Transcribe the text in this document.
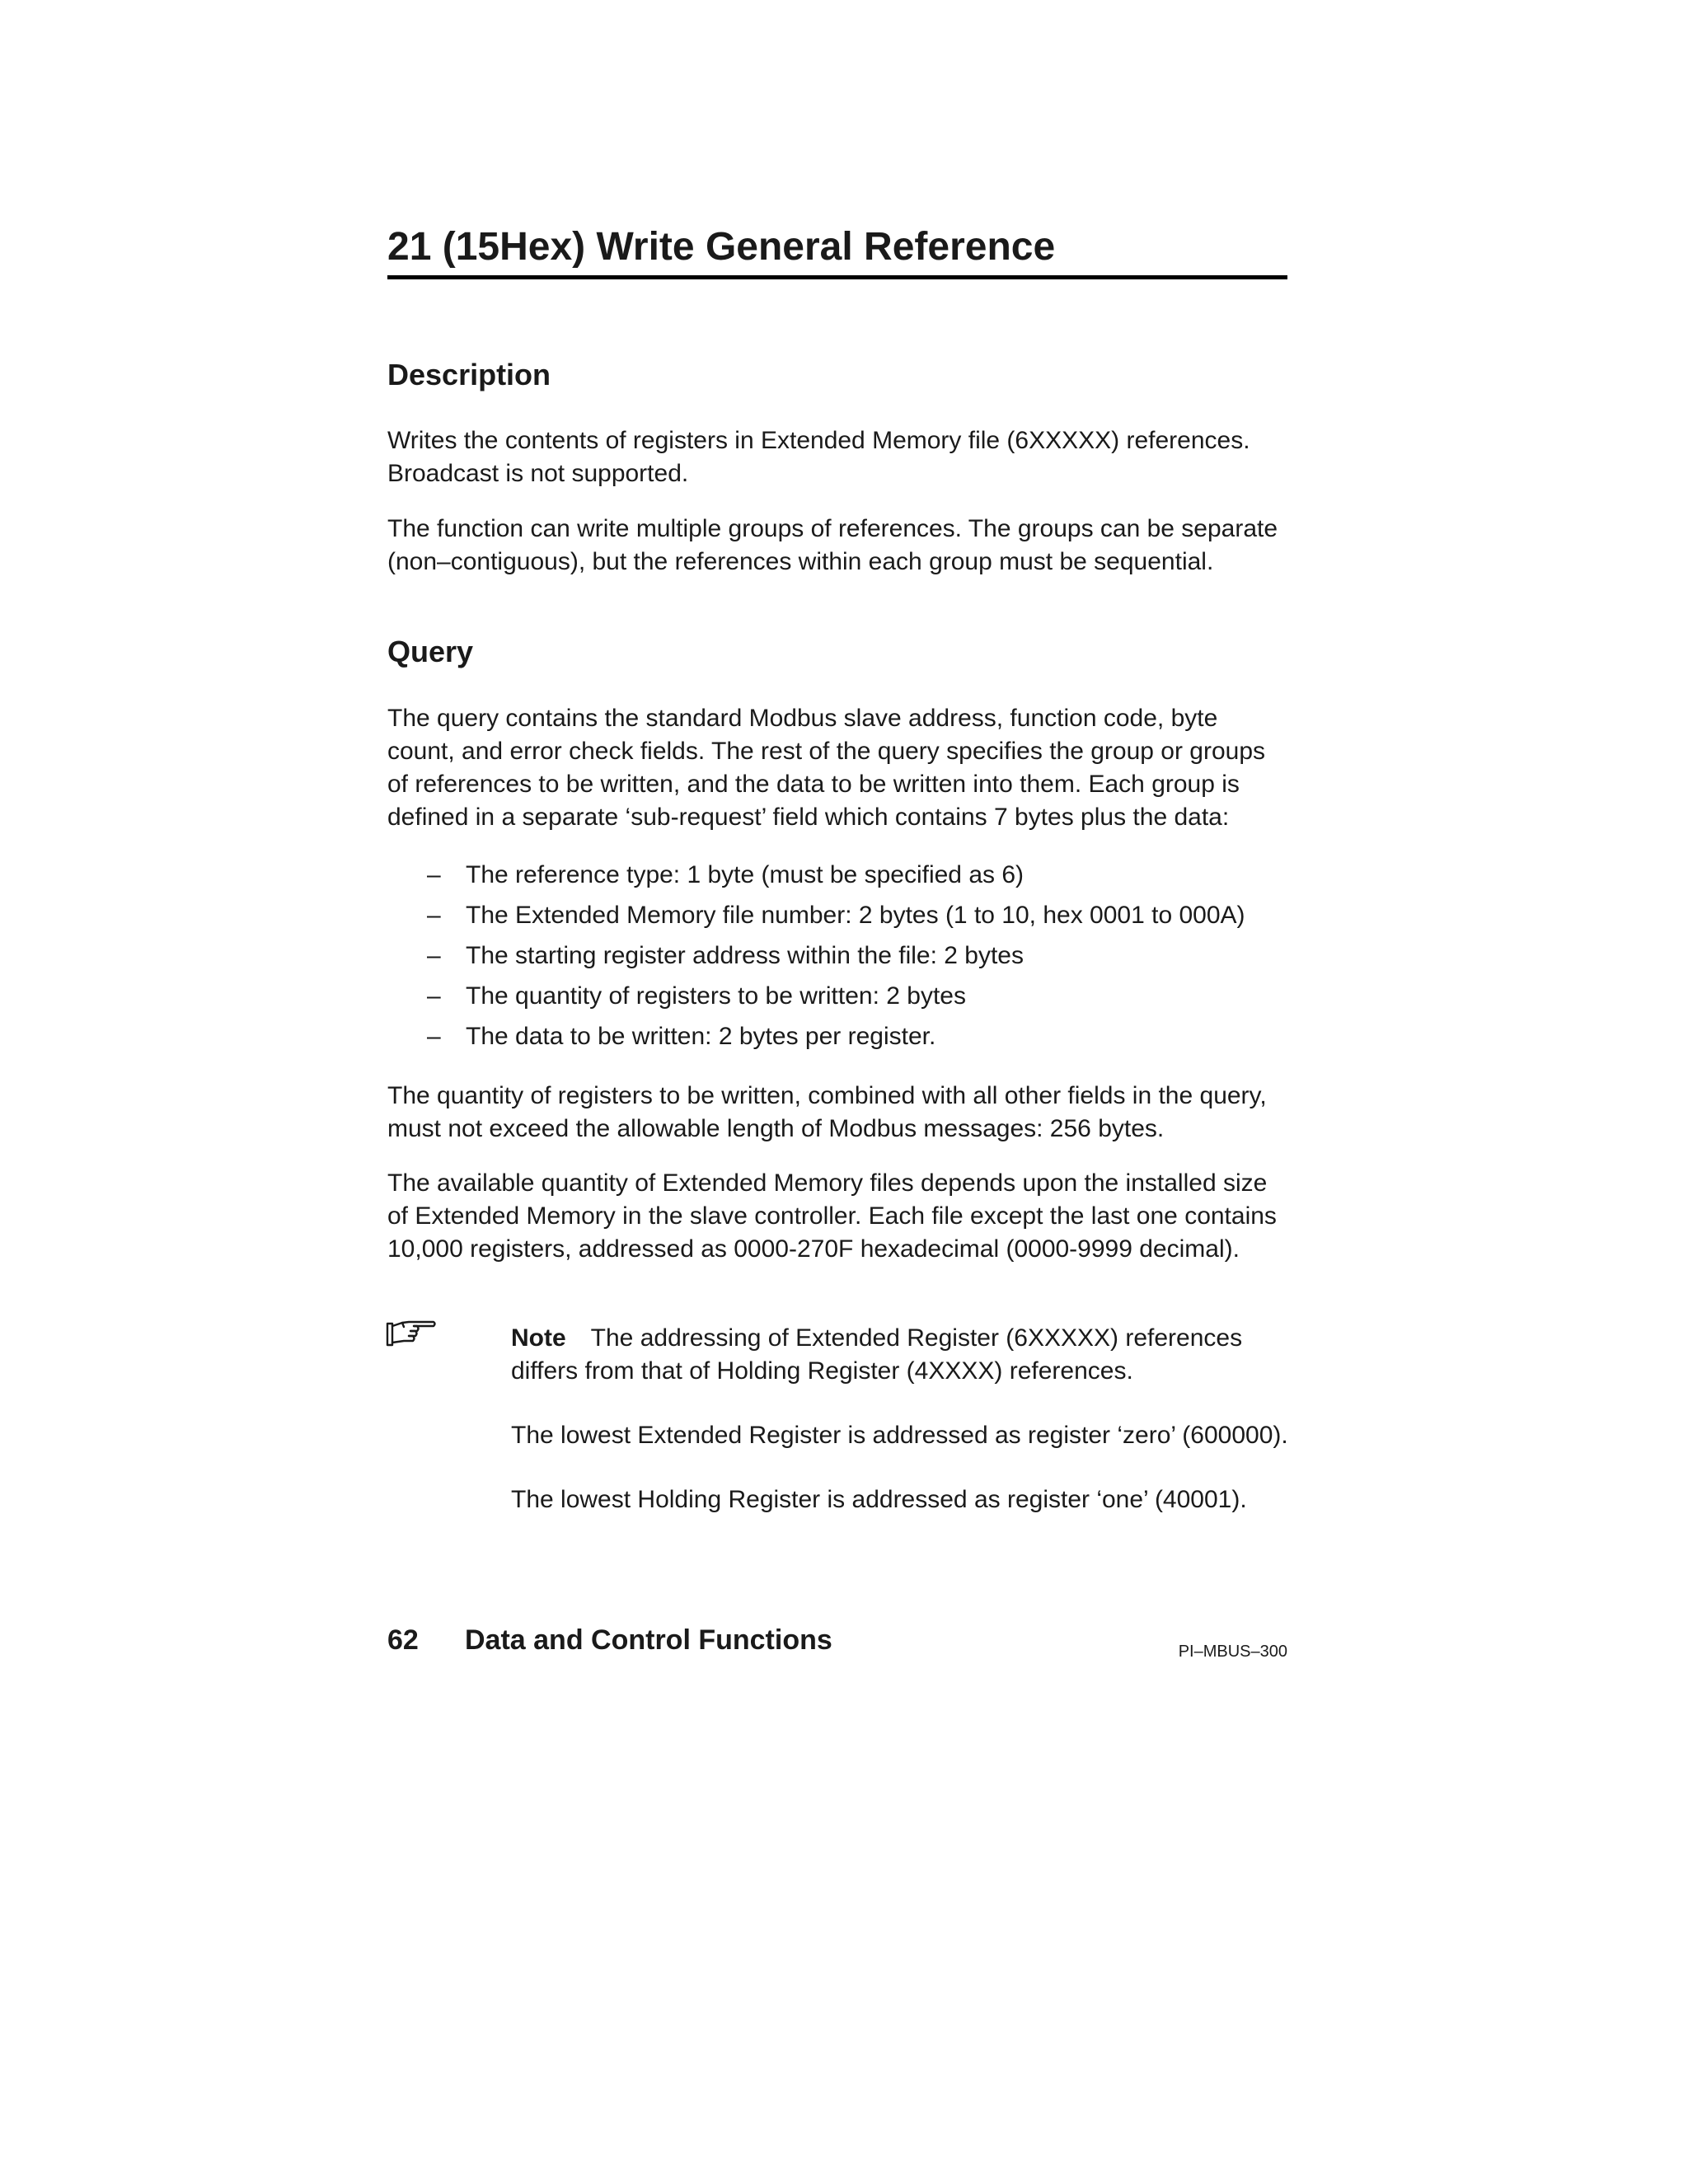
21 (15Hex) Write General Reference
Description

Writes the contents of registers in Extended Memory file (6XXXXX) references.
Broadcast is not supported.

The function can write multiple groups of references. The groups can be separate
(non–contiguous), but the references within each group must be sequential.

Query

The query contains the standard Modbus slave address, function code, byte
count, and error check fields. The rest of the query specifies the group or groups
of references to be written, and the data to be written into them. Each group is
defined in a separate ‘sub-request’ field which contains 7 bytes plus the data:

– The reference type: 1 byte (must be specified as 6)
– The Extended Memory file number: 2 bytes (1 to 10, hex 0001 to 000A)
– The starting register address within the file: 2 bytes
– The quantity of registers to be written: 2 bytes
– The data to be written: 2 bytes per register.

The quantity of registers to be written, combined with all other fields in the query,
must not exceed the allowable length of Modbus messages: 256 bytes.

The available quantity of Extended Memory files depends upon the installed size
of Extended Memory in the slave controller. Each file except the last one contains
10,000 registers, addressed as 0000-270F hexadecimal (0000-9999 decimal).

Note The addressing of Extended Register (6XXXXX) references
differs from that of Holding Register (4XXXX) references.

The lowest Extended Register is addressed as register ‘zero’ (600000).

The lowest Holding Register is addressed as register ‘one’ (40001).

62 Data and Control Functions	PI–MBUS–300
